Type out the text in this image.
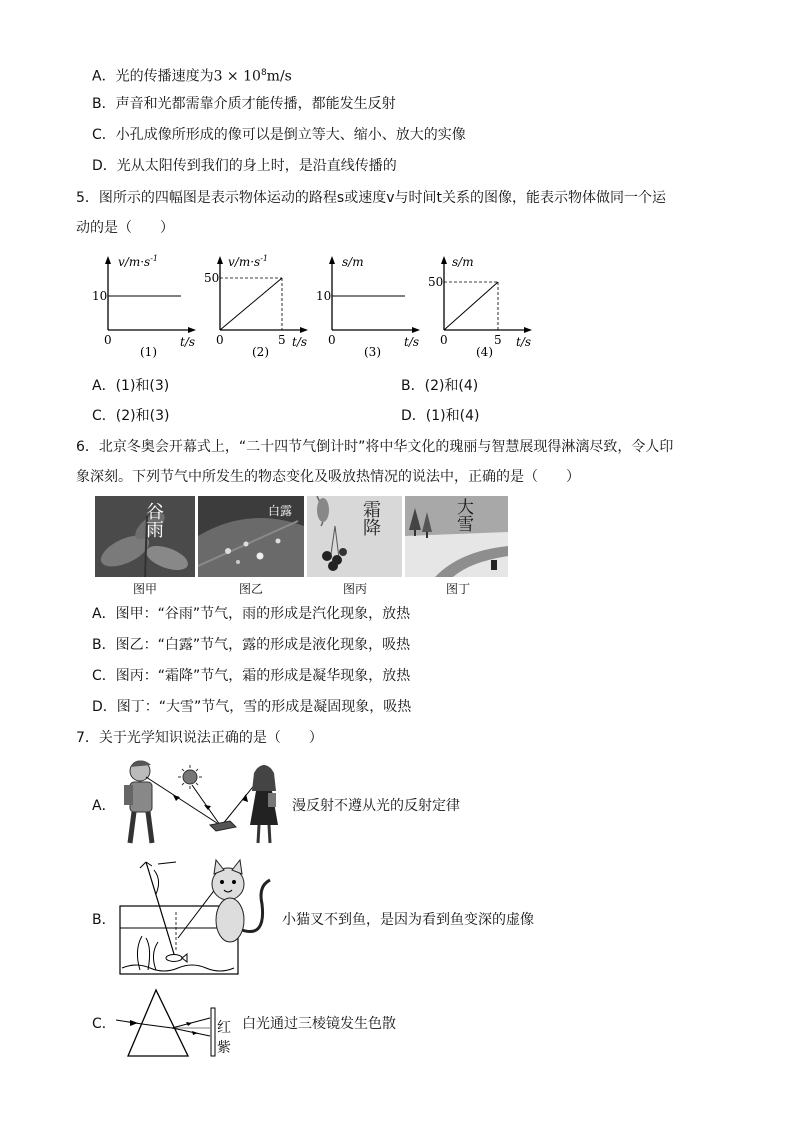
A．光的传播速度为$3 \times 10^8m/s$
B．声音和光都需靠介质才能传播，都能发生反射
C．小孔成像所形成的像可以是倒立等大、缩小、放大的实像
D．光从太阳传到我们的身上时，是沿直线传播的
5．图所示的四幅图是表示物体运动的路程s或速度v与时间t关系的图像，能表示物体做同一个运
动的是（　　）
$v/m\cdot s^{-1}$
10
0	t/s
(1)
$v/m\cdot s^{-1}$
50
0	5 t/s
(2)
s/m
10
0	t/s
(3)
s/m
50
0	5 t/s
(4)
A．(1)和(3)	B．(2)和(4)
C．(2)和(3)	D．(1)和(4)
6．北京冬奥会开幕式上，“二十四节气倒计时”将中华文化的瑰丽与智慧展现得淋漓尽致，令人印
象深刻。下列节气中所发生的物态变化及吸放热情况的说法中，正确的是（　　）
谷雨
图甲
白露
图乙
霜降
图丙
大雪
图丁
A．图甲：“谷雨”节气，雨的形成是汽化现象，放热
B．图乙：“白露”节气，露的形成是液化现象，吸热
C．图丙：“霜降”节气，霜的形成是凝华现象，放热
D．图丁：“大雪”节气，雪的形成是凝固现象，吸热
7．关于光学知识说法正确的是（　　）
A．	漫反射不遵从光的反射定律
B．	小猫叉不到鱼，是因为看到鱼变深的虚像
C．	红
紫
白光通过三棱镜发生色散
